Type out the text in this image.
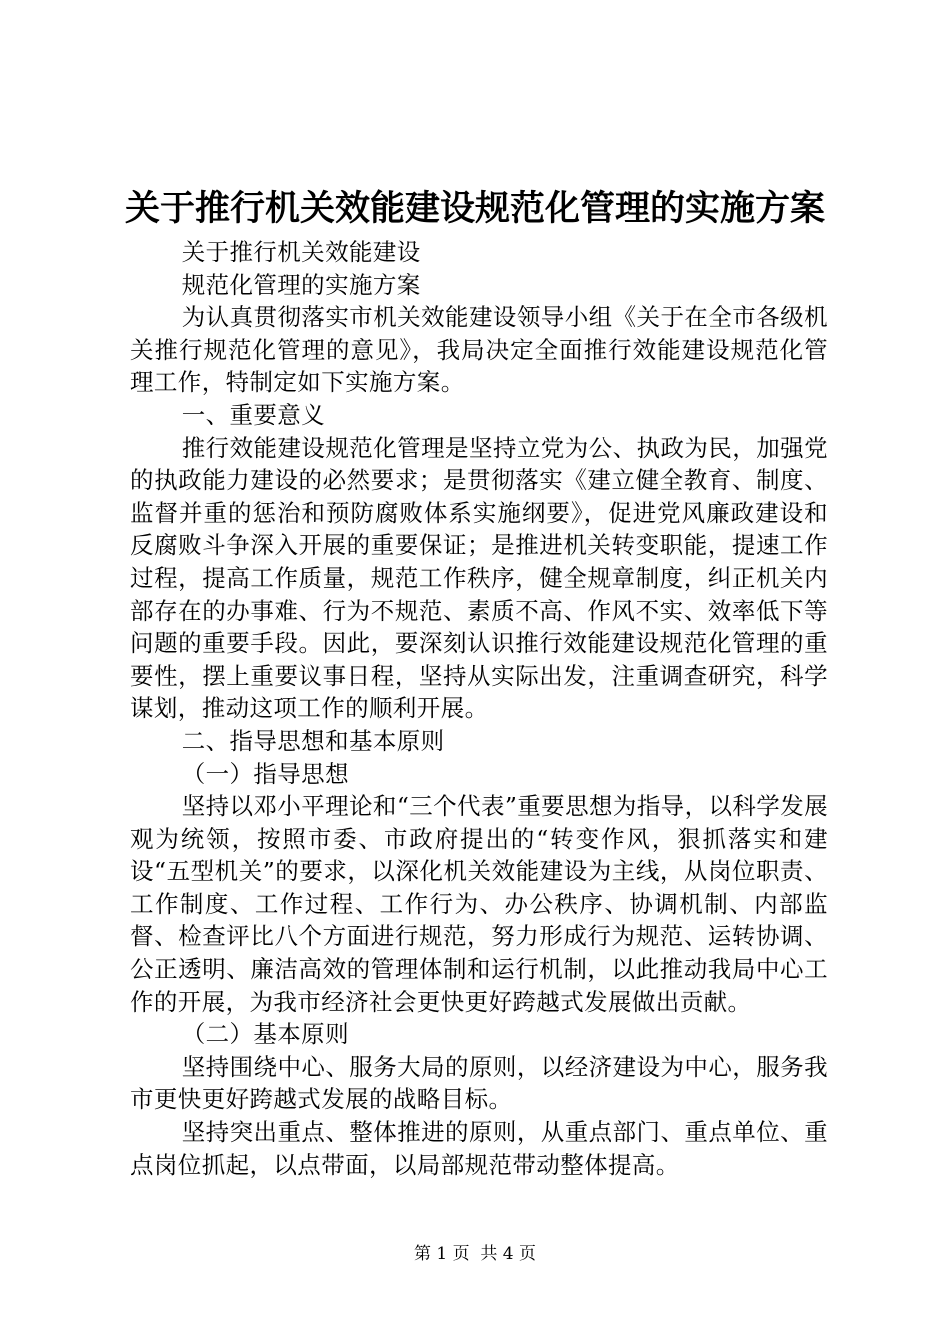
关于推行机关效能建设规范化管理的实施方案

关于推行机关效能建设

规范化管理的实施方案

为认真贯彻落实市机关效能建设领导小组《关于在全市各级机关推行规范化管理的意见》，我局决定全面推行效能建设规范化管理工作，特制定如下实施方案。

一、重要意义

推行效能建设规范化管理是坚持立党为公、执政为民，加强党的执政能力建设的必然要求；是贯彻落实《建立健全教育、制度、监督并重的惩治和预防腐败体系实施纲要》，促进党风廉政建设和反腐败斗争深入开展的重要保证；是推进机关转变职能，提速工作过程，提高工作质量，规范工作秩序，健全规章制度，纠正机关内部存在的办事难、行为不规范、素质不高、作风不实、效率低下等问题的重要手段。因此，要深刻认识推行效能建设规范化管理的重要性，摆上重要议事日程，坚持从实际出发，注重调查研究，科学谋划，推动这项工作的顺利开展。

二、指导思想和基本原则

（一）指导思想

坚持以邓小平理论和“三个代表”重要思想为指导，以科学发展观为统领，按照市委、市政府提出的“转变作风，狠抓落实和建设“五型机关”的要求，以深化机关效能建设为主线，从岗位职责、工作制度、工作过程、工作行为、办公秩序、协调机制、内部监督、检查评比八个方面进行规范，努力形成行为规范、运转协调、公正透明、廉洁高效的管理体制和运行机制，以此推动我局中心工作的开展，为我市经济社会更快更好跨越式发展做出贡献。

（二）基本原则

坚持围绕中心、服务大局的原则，以经济建设为中心，服务我市更快更好跨越式发展的战略目标。

坚持突出重点、整体推进的原则，从重点部门、重点单位、重点岗位抓起，以点带面，以局部规范带动整体提高。

第 1 页  共 4 页
